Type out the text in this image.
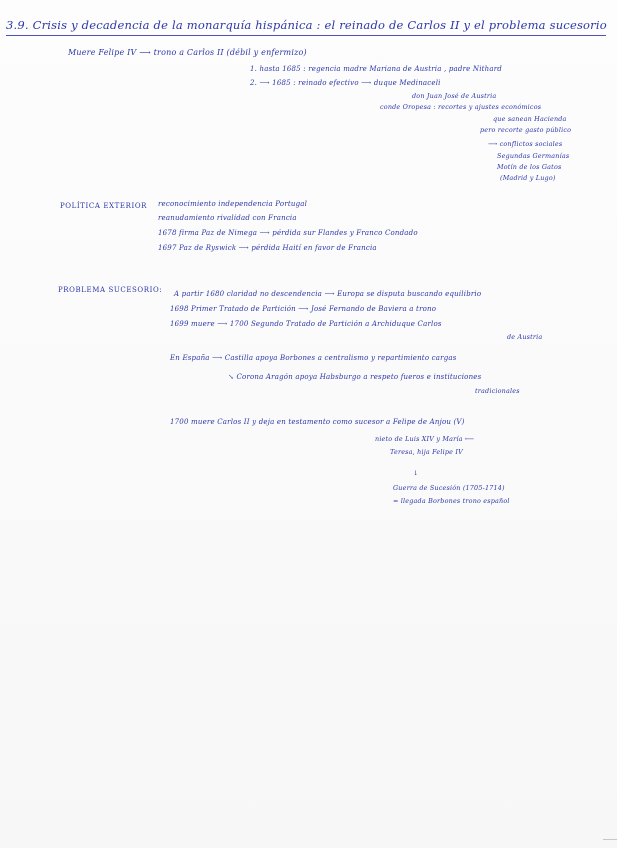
3.9. Crisis y decadencia de la monarquía hispánica : el reinado de Carlos II y el problema sucesorio
Muere Felipe IV ⟶ trono a Carlos II (débil y enfermizo)
1. hasta 1685 : regencia madre Mariana de Austria , padre Nithard
2. ⟶ 1685 : reinado efectivo ⟶ duque Medinaceli
don Juan José de Austria
conde Oropesa : recortes y ajustes económicos
que sanean Hacienda
pero recorte gasto público
⟶ conflictos sociales
Segundas Germanías
Motín de los Gatos
(Madrid y Lugo)
POLÍTICA EXTERIOR reconocimiento independencia Portugal
reanudamiento rivalidad con Francia
1678 firma Paz de Nimega ⟶ pérdida sur Flandes y Franco Condado
1697 Paz de Ryswick ⟶ pérdida Haití en favor de Francia
PROBLEMA SUCESORIO: A partir 1680 claridad no descendencia ⟶ Europa se disputa buscando equilibrio
1698 Primer Tratado de Partición ⟶ José Fernando de Baviera a trono
1699 muere ⟶ 1700 Segundo Tratado de Partición a Archiduque Carlos
de Austria
En España ⟶ Castilla apoya Borbones a centralismo y repartimiento cargas
↘ Corona Aragón apoya Habsburgo a respeto fueros e instituciones
tradicionales
1700 muere Carlos II y deja en testamento como sucesor a Felipe de Anjou (V)
nieto de Luis XIV y María ⟵
Teresa, hija Felipe IV
↓
Guerra de Sucesión (1705-1714)
= llegada Borbones trono español
